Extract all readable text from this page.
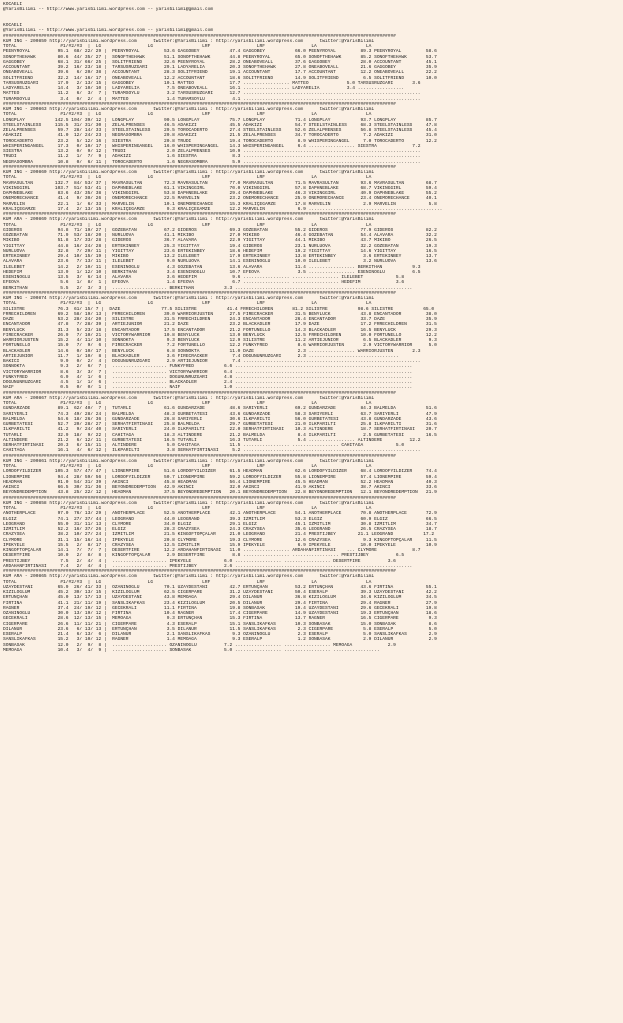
KOCAELI
@YarisBilimi -- http://www.yarisbilimi.wordpress.com -- yarisbilimi@gmail.com
KOCAELI
@YarisBilimi -- http://www.yarisbilimi.wordpress.com -- yarisbilimi@gmail.com
################################################################################################################################################
KUM ING - 200859 http://yarisbilimi.wordpress.com      twitter:@YarisBilimi : http://yarisbilimi.wordpress.com      twitter:@YarisBilimi
TOTAL                #1/#2/#3  |  LG                 LG                  LRF                 LRF                 LA                  LA
PEENYROYAL          95.1  68/ 22/ 29 |  PEENYROYAL         53.6 GAGGOBEY           47.4 GAGGOBEY           66.0 PEENYROYAL         89.3 PEENYROYAL         58.6
SONOFTHEHAWK        80.6  44/ 35/ 27 |  SONOFTHEHAWK       51.1 SONOFTHEHAWK       44.8 PEENYROYAL         65.0 SONOFTHEHAWK       85.2 SONOFTHEHAWK       53.7
GAGGOBEY            68.1  31/ 66/ 25 |  SOLITFRIEND        32.6 PEENYROYAL         28.2 ONEABOVEALL        37.6 GAGGOBEY           28.0 ACCOUNTANT         45.1
ACCOUNTANT          39.2  16/ 23/ 18 |  TARSUSRÜZGARI      29.1 LADYARELIA         20.3 SONOFTHEHAWK       27.8 ONEABOVEALL        21.6 GAGGOBEY           35.9
ONEABOVEALL         39.6   6/ 20/ 38 |  ACCOUNTANT         28.3 SOLITFRIEND        19.1 ACCOUNTANT         17.7 ACCOUNTANT         12.2 ONEABOVEALL        22.2
SOLITFRIEND         32.2  14/ 16/ 17 |  ONEABOVEALL        12.2 ACCOUNTANT         18.6 SOLITFRIEND        14.9 SOLITFRIEND         6.5 SOLITFRIEND        10.0
TARSUSRÜZGARI       17.9   2/ 13/ 15 |  GAGGOBEY           10.1 MATTEO             17.7 ................. MATTEO              5.0 TARSUSRÜZGARI       3.6
LADYARELIA          14.4   3/ 10/ 10 |  LADYARELIA          7.5 ONEABOVEALL        16.1 ................. LADYARELIA          3.4 .................
MATTEO              11.2   6/  3/  7 |  TURAMSOYLU          3.2 TARSUSRÜZGARI      12.7 .................................................................
TURAMSOYLU           3.4   0/  2/  4 |  MATTEO              1.4 TURAMSOYLU          4.1 .................................................................
################################################################################################################################################
KUM ING - 200863 http://yarisbilimi.wordpress.com      twitter:@YarisBilimi : http://yarisbilimi.wordpress.com      twitter:@YarisBilimi
TOTAL                #1/#2/#3  |  LG                 LG                  LRF                 LRF                 LA                  LA
LONGPLAY           142.5 104/ 39/ 12 |  LONGPLAY           90.5 LONGPLAY           75.7 LONGPLAY           71.4 LONGPLAY           93.7 LONGPLAY           85.7
STEELSTAINLESS     115.5  31/ 31/ 30 |  ZELALPRENSES       46.5 ADAKIZI            45.5 ADAKIZI            54.7 STEELSTAINLESS     68.3 STEELSTAINLESS     47.8
ZELALPRENSES        59.7  28/ 14/ 33 |  STEELSTAINLESS     29.5 TOROCADERTO        27.4 STEELSTAINLESS     52.6 ZELALPRENSES       56.8 STEELSTAINLESS     45.4
ADAKIZI             41.0  12/ 24/ 23 |  NEGRASOMBRA        20.8 ADAKIZI            21.5 ZELALPRENSES       34.7 TOROCADERTO         7.2 ADAKIZI            31.0
TOROCADERTO         23.2   5/ 12/ 16 |  SIESTRA            20.8 TRUDI              19.4 TOROCADERTO         8.9 WHISPERINGANGEL     7.0 TOROCADERTO        12.2
WHISPERINGANGEL     17.3   0/ 10/ 17 |  WHISPERINGANGEL    16.0 WHISPERINGANGEL    14.3 WHISPERINGANGEL     6.4 ................. SIESTRA             7.2
SIESTRA             13.2   0/  9/ 12 |  TRUDI               2.0 ZELALPRENSES       10.9 .................................................................
TRUDI               11.2   1/  7/  9 |  ADAKIZI             1.6 SIESTRA             8.3 .................................................................
NEGRASOMBRA         10.8   0/  6/ 11 |  TOROCADERTO         1.6 NEGRASOMBRA         5.9 .................................................................
################################################################################################################################################
KUM ING - 200860 http://yarisbilimi.wordpress.com      twitter:@YarisBilimi : http://yarisbilimi.wordpress.com      twitter:@YarisBilimi
TOTAL                #1/#2/#3  |  LG                 LG                  LRF                 LRF                 LA                  LA
MAVRASULTAN        132.7  84/ 53/ 37 |  MAVRASULTAN        72.3 MAVRASULTAN        77.0 MAVRASULTAN        71.5 MAVRASULTAN        93.6 MAVRASULTAN        68.7
VIKINGGIRL         103.7  51/ 53/ 41 |  DAPHNEBLAKE        61.1 VIKINGGIRL         70.0 VIKINGGIRL         57.8 DAPHNEBLAKE        68.7 VIKINGGIRL         59.4
DAPHNEBLAKE         83.6  43/ 35/ 38 |  VIKINGGIRL         53.8 DAPHNEBLAKE        29.4 DAPHNEBLAKE        46.3 VIKINGGIRL         40.9 DAPHNEBLAKE        55.2
ONEMORECHANCE       41.4   9/ 30/ 26 |  ONEMORECHANCE      22.5 MARVELIN           23.2 ONEMORECHANCE      25.9 ONEMORECHANCE      23.4 ONEMORECHANCE      40.1
MARVELIN            22.1   1/  6/ 33 |  MARVELIN           10.1 ONEMORECHANCE      15.3 KRALIÇEGAMZE       17.8 MARVELIN            2.9 MARVELIN            5.8
KRALIÇEGAMZE        17.4   2/ 13/ 15 |  KRALIÇEGAMZE        9.3 KRALIÇEGAMZE       12.2 MARVELIN            6.9 .................................................
################################################################################################################################################
KUM ARA - 200869 http://yarisbilimi.wordpress.com      twitter:@YarisBilimi : http://yarisbilimi.wordpress.com      twitter:@YarisBilimi
TOTAL                #1/#2/#3  |  LG                 LG                  LRF                 LRF                 LA                  LA
GIDEROS             94.8  71/ 19/ 27 |  GÖZEBATAN          67.2 GIDEROS            69.3 GÖZEBATAN          55.2 GIDEROS            77.9 GIDEROS            82.2
GÖZEBATAN           71.9  53/ 18/ 20 |  NURLUOVA           41.1 MIKIBO             27.0 MIKIBO             46.4 GÖZEBATAN          54.4 ALAVARA            32.2
MIKIBO              51.8  17/ 33/ 28 |  GIDEROS            36.7 ALAVARA            22.9 YIGITTAY           44.1 MIKIBO             43.7 MIKIBO             26.5
YIGITTAY            44.8  16/ 24/ 28 |  ERTEKINBEY         25.3 YIGITTAY           19.4 GIDEROS            23.1 NURLUOVA           32.2 GÖZEBATAN          19.3
NURLUOVA            32.8   7/ 29/ 11 |  YIGITTAY           23.6 ERTEKINBEY         18.6 HEDEFIM            19.2 YIGITTAY           14.6 YIGITTAY           16.5
ERTEKINBEY          29.4  10/ 15/ 19 |  MIKIBO             13.2 ILELEBET           17.9 ERTEKINBEY         13.8 ERTEKINBEY          3.6 ERTEKINBEY         13.7
ALAVARA             23.6   7/ 13/ 11 |  ILELEBET            9.0 NURLUOVA           14.1 ESENINOGLU         10.0 ILELEBET            3.2 NURLUOVA           13.6
ILELEBET            14.2   2/ 10/ 11 |  ESENINOGLU          4.3 GÖZEBATAN          13.6 ALAVARA            11.4 ................. BERKITHAN           9.3
HEDEFIM             13.9   1/ 12/ 10 |  BERKITHAN           3.4 ESENINOGLU         10.7 EFEOVA              3.5 ................. ESENINOGLU          6.5
ESENINOGLU          13.5   3/  6/ 14 |  ALAVARA             3.6 HEDEFIM             9.6 ................. ................. ILELEBET            5.8
EFEOVA               5.6   1/  8/  1 |  EFEOVA              1.4 EFEOVA              6.7 ................. ................. HEDEFIM             3.6
BERKITHAN            5.5   2/  3/  3 |  .................... BERKITHAN           3.3 .................................................................
################################################################################################################################################
KUM ING - 200874 http://yarisbilimi.wordpress.com      twitter:@YarisBilimi : http://yarisbilimi.wordpress.com      twitter:@YarisBilimi
TOTAL                #1/#2/#3  |  LG                 LG                  LRF                 LRF                 LA                  LA
SILISTRE            76.3  61/ 15/ 7 |  DAZE               77.5 SILISTRE           41.4 FRRECHILDREN       81.2 SILISTRE           98.6 SILISTRE           65.0
FRRECHILDREN        69.2  58/ 19/ 13 |  FRRECHILDREN       39.0 WARRIORJUSTEN      27.5 FIRECRACKER        31.5 BENYLUCK           43.8 ENCANTADOR         38.0
DAZE                53.2  28/ 24/ 20 |  SILISTRE           31.5 FRRECHILDREN       24.3 ENCANTADOR         26.4 ENCANTADOR         33.7 DAZE               35.9
ENCANTADOR          47.8   7/ 28/ 39 |  ARTIEJUNIOR        21.2 DAZE               23.2 BLACKADLER         17.9 DAZE               17.2 FRRECHILDREN       31.5
BENYLUCK            31.3   5/ 23/ 18 |  ENCANTADOR         17.5 ENCANTADOR         21.2 FORTUNELLO         14.3 BLACKADLER         16.5 BENYLUCK           29.3
FIRECRACKER         26.9   7/ 10/ 21 |  VICTORYWARRIOR     10.8 BENYLUCK           13.0 BENYLUCK           12.5 FRRECHILDREN       10.0 FORTUNELLO         12.2
WARRIORJUSTEN       15.2   4/ 11/ 10 |  SONNOKTA            9.3 BENYLUCK           12.9 SILISTRE           11.2 ARTIEJUNIOR         6.5 BLACKADLER          9.3
FORTUNELLO          15.0   7/  9/  6 |  FIRECRACKER         7.2 FORTUNELLO         12.2 FUNKYFRED           8.6 WARRIORJUSTEN       2.9 VICTORYWARRIOR      5.0
BLACKADLER          14.6   0/ 10/ 17 |  BENYLUCK            6.8 SONNOKTA           11.0 DAZE                2.3 ................. WARRIORJUSTEN       2.3
ARTIEJUNIOR         11.7   1/ 10/  8 |  BLACKADLER          3.6 FIRECRACKER         7.4 DOGUNUNRÜZGARI      2.3 .................................
BAKICI               9.9   0/  2/  4 |  DOGUNUNRÜZGARI      2.9 ARTIEJUNIOR         7.4 .................................................................
SONNOKTA             9.3   2/  6/  7 |  .................... FUNKYFRED           6.6 .................................................................
VICTORYWARRIOR       8.6   3/  3/  7 |  .................... VICTORYWARRIOR      6.4 .................................................................
FUNKYFRED            6.9   4/  1/  6 |  .................... DOGUNUNRÜZGARI      4.8 .................................................................
DOGUNUNRÜZGARI       4.5   1/  1/  6 |  .................... BLACKADLER          2.4 .................................................................
NAIF                 0.5   0/  0/  1 |  .................... NAIF                1.0 .................................................................
################################################################################################################################################
KUM ARA - 200867 http://yarisbilimi.wordpress.com      twitter:@YarisBilimi : http://yarisbilimi.wordpress.com      twitter:@YarisBilimi
TOTAL                #1/#2/#3  |  LG                 LG                  LRF                 LRF                 LA                  LA
GÜNDARZADE          89.1  62/ 40/  7 |  TUTARLI            61.6 GÜNDARZADE         48.6 SARIYERLI          69.2 GÜNDARZADE         84.3 BALMELDA           51.6
SARIYERLI           74.3  49/ 28/ 24 |  BALMELDA           48.3 GURBETATESI        43.6 GÜNDARZADE         58.3 SARIYERLI          63.7 SARIYERLI          47.9
BALMELDA            54.6  18/ 26/ 36 |  GÜNDARZADE         26.8 SARIYERLI          30.6 ILKPARILTI         56.0 GURBETATESI        43.8 GÜNDARZADE         43.6
GURBETATESI         52.7  20/ 28/ 27 |  SERHATFIRTINASI    25.8 BALMELDA           29.7 GURBETATESI        21.0 ILKPARILTI         25.8 ILKPARILTI         31.6
ILKPARILTI          41.2   9/ 24/ 40 |  SARIYERLI          24.0 ILKPARILTI         22.0 SERHATFIRTINASI    10.3 ALTINDERE          18.7 SERHATFIRTINASI    20.7
TUTARLI             32.9  18/  9/ 22 |  CAHITAGA           18.3 ALTINDERE          21.2 BALMELDA            8.4 ILKPARILTI          2.5 GURBETATESI        16.5
ALTINDERE           21.2   6/ 12/ 11 |  GURBETATESI        16.5 TUTARLI            16.3 TUTARLI             5.4 ................. ALTINDERE          12.2
SERHATFIRTINASI     20.3   6/ 15/ 11 |  ALTINDERE           5.0 CAHITAGA           11.5 ................. ................. CAHITAGA            5.0
CAHITAGA            16.1   4/  6/ 12 |  ILKPARILTI          3.8 SERHATFIRTINASI     5.2 .................................................................
################################################################################################################################################
KUM ING - 200861 http://yarisbilimi.wordpress.com      twitter:@YarisBilimi : http://yarisbilimi.wordpress.com      twitter:@YarisBilimi
TOTAL                #1/#2/#3  |  LG                 LG                  LRF                 LRF                 LA                  LA
LORDOFYILDIZER     105.3  57/ 47/ 47 |  LIONEMPIRE         51.6 LORDOFYILDIZER     61.5 HEADMAN            62.6 LORDOFYILDIZER     68.4 LORDOFYILDIZER     74.4
LIONEMPIRE          94.4  28/ 59/ 56 |  LORDOFYILDIZER     50.7 LIONEMPIRE         59.2 LORDOFYILDIZER     55.8 LIONEMPIRE         57.4 LIONEMPIRE         59.4
HEADMAN             91.0  54/ 31/ 39 |  AKINCI             45.8 HEADMAN            56.4 LIONEMPIRE         45.5 HEADMAN            52.2 HEADMAN            40.3
AKINCI              66.5  30/ 31/ 36 |  BEYONDREDEMPTION   42.9 AKINCI             32.0 AKINCI             41.9 AKINCI             38.7 AKINCI             33.6
BEYONDREDEMPTION    43.8  25/ 22/ 12 |  HEADMAN            37.5 BEYONDREDEMPTION   20.1 BEYONDREDEMPTION   22.8 BEYONDREDEMPTION   12.1 BEYONDREDEMPTION   21.9
################################################################################################################################################
KUM ING - 200858 http://yarisbilimi.wordpress.com      twitter:@YarisBilimi : http://yarisbilimi.wordpress.com      twitter:@YarisBilimi
TOTAL                #1/#2/#3  |  LG                 LG                  LRF                 LRF                 LA                  LA
ANOTHERPLACE        97.0  76/ 13/ 29 |  ANOTHERPLACE       52.5 ANOTHERPLACE       42.1 ANOTHERPLACE       54.1 ANOTHERPLACE       70.8 ANOTHERPLACE       72.9
ELGIZ               74.1  27/ 37/ 44 |  LEOGRAND           44.0 LEOGRAND           39.3 IZMITLIM           53.3 ELGIZ              60.9 ELGIZ              66.5
LEOGRAND            55.0  31/ 11/ 13 |  CLYMORE            34.0 ELGIZ              29.1 ELGIZ              45.1 IZMITLIM           30.8 IZMITLIM           34.7
IZMITLIM            52.2  16/ 37/ 26 |  ELGIZ              28.3 CRAZYSEA           24.3 CRAZYSEA           35.6 LEOGRAND           26.5 CRAZYSEA           18.7
CRAZYSEA            38.2  10/ 27/ 24 |  IZMITLIM           21.5 KINGOFTOPÇALAR     21.0 LEOGRAND           21.4 PRESTIJBEY        21.1 LEOGRAND           17.2
CLYMORE             31.1  15/ 16/ 14 |  IPEKYELE           20.8 CLYMORE            19.3 CLYMORE            12.6 CRAZYSEA            9.3 KINGOFTOPÇALAR     11.5
IPEKYELE            15.5   2/  8/ 17 |  CRAZYSEA           12.5 IZMITLIM           15.9 IPEKYELE            6.9 IPEKYELE           10.0 IPEKYELE           10.9
KINGOFTOPÇALAR      14.1   7/  7/  7 |  DESERTFIRE         12.2 ARDAHANFIRTINASI   11.0 ................. ARDAHANFIRTINASI    ... CLYMORE             8.7
DESERTFIRE          10.0   2/  8/  8 |  KINGOFTOPÇALAR      2.9 DESERTFIRE          8.8 ................. ................. PRESTIJBEY          6.5
PRESTIJBEY           7.5   2/  4/  4 |  .................... IPEKYELE            6.0 ................. ................. DESERTFIRE          3.6
ARDAHANFIRTINASI     7.4   2/  4/  4 |  .................... PRESTIJBEY          2.6 .................................................................
################################################################################################################################################
KUM ARA - 200865 http://yarisbilimi.wordpress.com      twitter:@YarisBilimi : http://yarisbilimi.wordpress.com      twitter:@YarisBilimi
TOTAL                #1/#2/#3  |  LG                 LG                  LRF                 LRF                 LA                  LA
UZAYDESTANI         65.9  26/ 41/ 33 |  OZANINOGLU         70.1 UZAYDESTANI        42.7 ERTUNÇHAN          53.2 ERTUNÇHAN          43.6 FIRTINA            55.1
KIZILOGLUM          45.2  30/ 13/ 15 |  KIZILOGLUM         62.5 CIGERPARE          31.2 UZAYDESTANI        50.4 ESERALP            39.3 UZAYDESTANI        42.2
ERTUNÇHAN           45.0  13/ 17/ 13 |  UZAYDESTANI        43.8 MEMOAGA            29.4 DILANUR            36.8 KIZILOGLUM         34.6 KIZILOGLUM         34.5
FIRTINA             41.1  21/ 11/ 19 |  SANSLIKAFKAS       23.4 KIZILOGLUM         20.5 DILANUR            29.4 FIRTINA            29.4 RAGNER             27.9
RAGNER              37.4  24/ 19/ 12 |  GECEKRALI          11.1 FIRTINA            19.8 SONBASAK           19.4 UZAYDESTANI        29.6 GECEKRALI          19.8
OZANINOGLU          30.0  13/ 19/ 12 |  FIRTINA            10.4 RAGNER             17.4 CIGERPARE          14.9 UZAYDESTANI        19.3 ERTUNÇHAN          18.6
GECEKRALI           28.6  12/ 13/ 15 |  MEMOAGA             9.3 ERTUNÇHAN          15.3 FIRTINA            13.7 RAGNER             16.5 CIGERPARE           9.3
CIGERPARE           26.6  11/ 11/ 21 |  CIGERPARE           4.3 ESERALP            15.1 SANSLIKAFKAS       10.3 SONBASAK           15.0 SONBASAK            8.6
DILANUR             23.6   6/ 13/ 13 |  ERTUNÇHAN           3.5 DILANUR            11.5 SANSLIKAFKAS        2.3 CIGERPARE           5.8 ESERALP             5.0
ESERALP             21.4   6/ 13/  6 |  DILANUR             2.1 SANSLIKAFKAS        9.3 OZANINOGLU          2.3 ESERALP             5.0 SANSLIKAFKAS        2.9
SANSLIKAFKAS        15.2   3/ 10/ 12 |  RAGNER              1.4 MEMOAGA             9.3 ESERALP             1.2 SONBASAK            2.9 DILANUR             2.9
SONBASAK            12.0   2/  9/  8 |  .................... OZANINOGLU          7.2 ................. ................. MEMOAGA             2.9
MEMOAGA             10.4   3/  4/  9 |  .................... SONBASAK            5.0 ................. ................. .................
